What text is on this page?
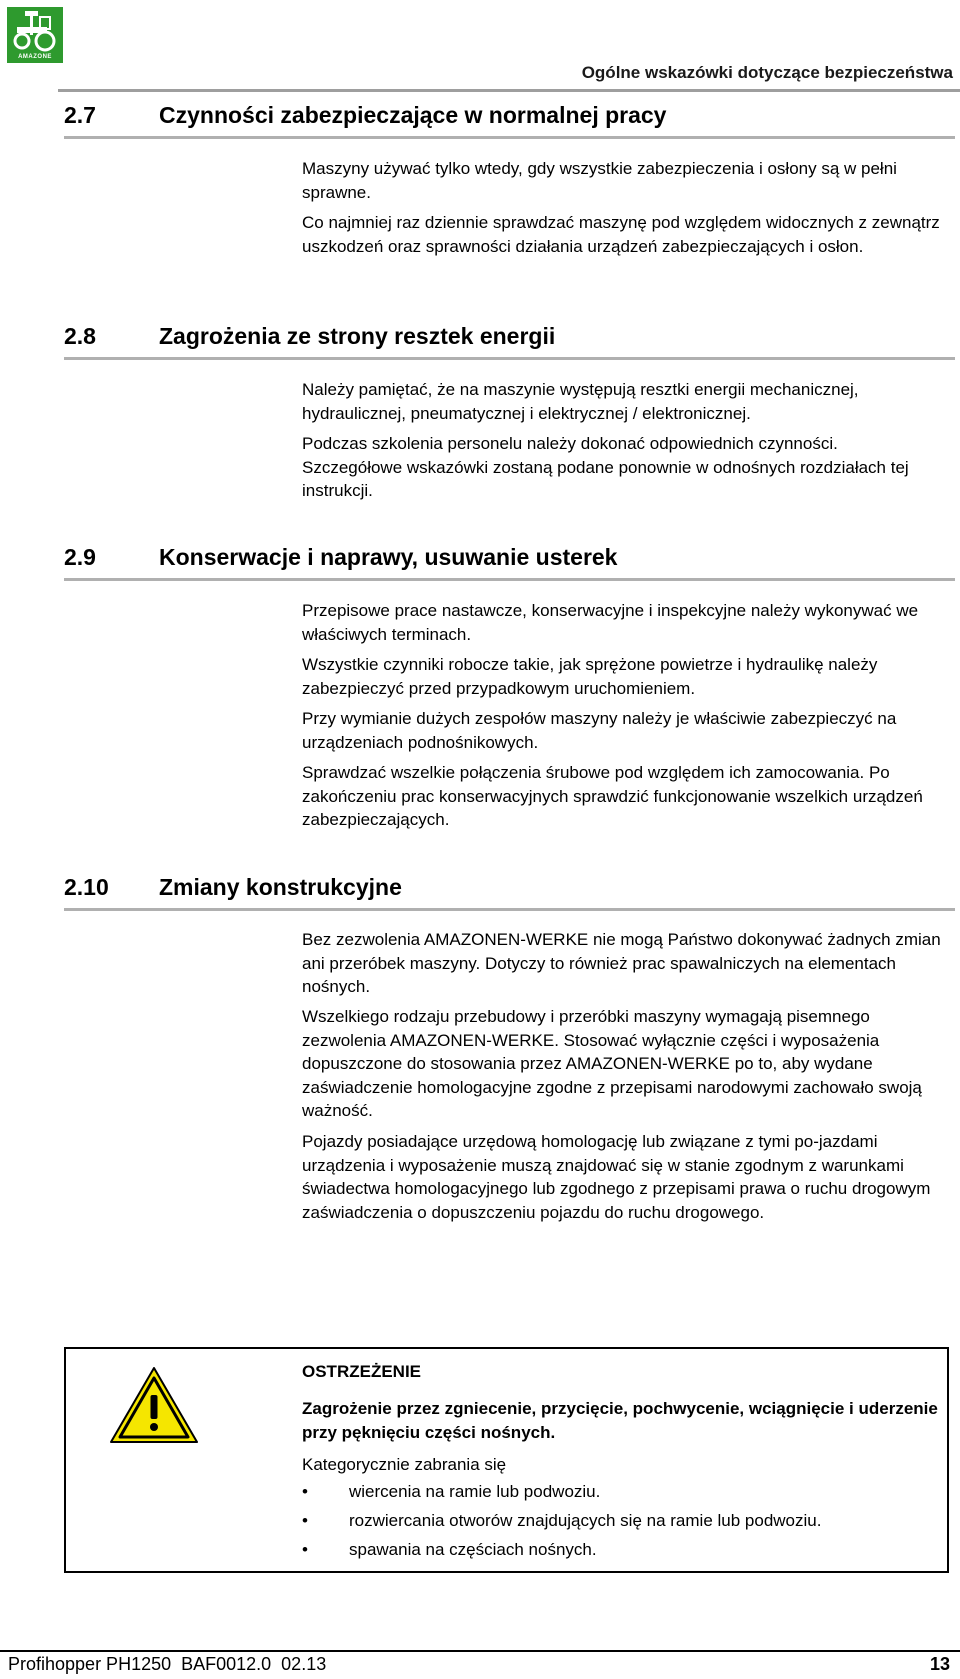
AMAZONE
Ogólne wskazówki dotyczące bezpieczeństwa
2.7	Czynności zabezpieczające w normalnej pracy

Maszyny używać tylko wtedy, gdy wszystkie zabezpieczenia i osłony są w pełni sprawne.

Co najmniej raz dziennie sprawdzać maszynę pod względem widocznych z zewnątrz uszkodzeń oraz sprawności działania urządzeń zabezpieczających i osłon.

2.8	Zagrożenia ze strony resztek energii

Należy pamiętać, że na maszynie występują resztki energii mechanicznej, hydraulicznej, pneumatycznej i elektrycznej / elektronicznej.

Podczas szkolenia personelu należy dokonać odpowiednich czynności. Szczegółowe wskazówki zostaną podane ponownie w odnośnych rozdziałach tej instrukcji.

2.9	Konserwacje i naprawy, usuwanie usterek

Przepisowe prace nastawcze, konserwacyjne i inspekcyjne należy wykonywać we właściwych terminach.

Wszystkie czynniki robocze takie, jak sprężone powietrze i hydraulikę należy zabezpieczyć przed przypadkowym uruchomieniem.

Przy wymianie dużych zespołów maszyny należy je właściwie zabezpieczyć na urządzeniach podnośnikowych.

Sprawdzać wszelkie połączenia śrubowe pod względem ich zamocowania. Po zakończeniu prac konserwacyjnych sprawdzić funkcjonowanie wszelkich urządzeń zabezpieczających.

2.10 Zmiany konstrukcyjne

Bez zezwolenia AMAZONEN-WERKE nie mogą Państwo dokonywać żadnych zmian ani przeróbek maszyny. Dotyczy to również prac spawalniczych na elementach nośnych.

Wszelkiego rodzaju przebudowy i przeróbki maszyny wymagają pisemnego zezwolenia AMAZONEN-WERKE. Stosować wyłącznie części i wyposażenia dopuszczone do stosowania przez AMAZONEN-WERKE po to, aby wydane zaświadczenie homologacyjne zgodne z przepisami narodowymi zachowało swoją ważność.

Pojazdy posiadające urzędową homologację lub związane z tymi po-jazdami urządzenia i wyposażenie muszą znajdować się w stanie zgodnym z warunkami świadectwa homologacyjnego lub zgodnego z przepisami prawa o ruchu drogowym zaświadczenia o dopuszczeniu pojazdu do ruchu drogowego.

OSTRZEŻENIE

Zagrożenie przez zgniecenie, przycięcie, pochwycenie, wciągnięcie i uderzenie przy pęknięciu części nośnych.

Kategorycznie zabrania się
• wiercenia na ramie lub podwoziu.
• rozwiercania otworów znajdujących się na ramie lub podwoziu.
• spawania na częściach nośnych.
Profihopper PH1250  BAF0012.0  02.13	13
